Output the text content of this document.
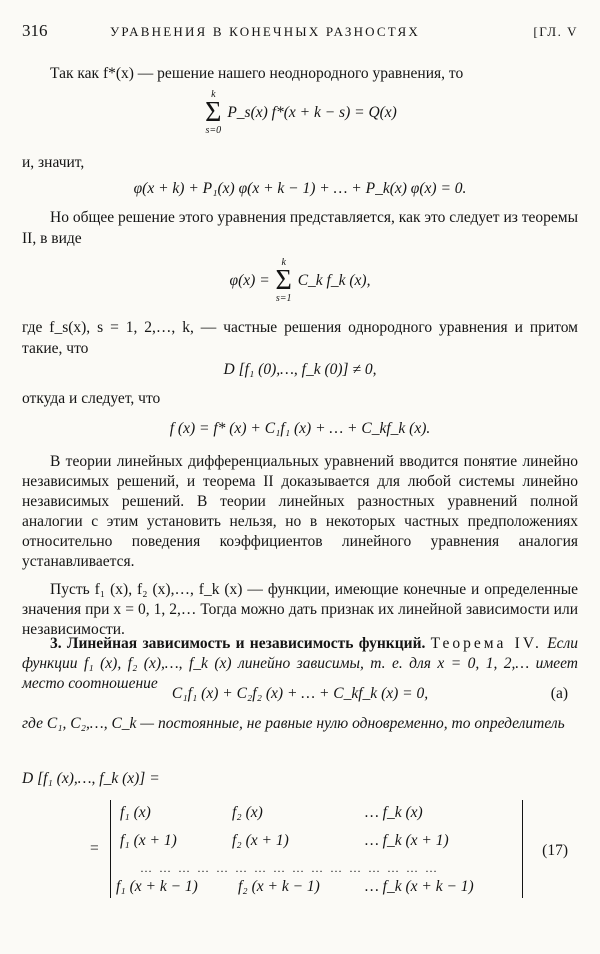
316	УРАВНЕНИЯ В КОНЕЧНЫХ РАЗНОСТЯХ	[ГЛ. V
Так как f*(x) — решение нашего неоднородного уравнения, то
k
Σ
s=0
P_s(x) f*(x + k − s) = Q(x)
и, значит,
φ(x + k) + P₁(x) φ(x + k − 1) + … + P_k(x) φ(x) = 0.
Но общее решение этого уравнения представляется, как это следует из теоремы II, в виде
φ(x) =
k
Σ
s=1
C_k f_k (x),
где f_s(x), s = 1, 2,…, k, — частные решения однородного уравнения и притом такие, что
D [f₁ (0),…, f_k (0)] ≠ 0,
откуда и следует, что
f (x) = f* (x) + C₁f₁ (x) + … + C_kf_k (x).
В теории линейных дифференциальных уравнений вводится понятие линейно независимых решений, и теорема II доказывается для любой системы линейно независимых решений. В теории линейных разностных уравнений полной аналогии с этим установить нельзя, но в некоторых частных предположениях относительно поведения коэффициентов линейного уравнения аналогия устанавливается.
Пусть f₁ (x), f₂ (x),…, f_k (x) — функции, имеющие конечные и определенные значения при x = 0, 1, 2,… Тогда можно дать признак их линейной зависимости или независимости.
3. Линейная зависимость и независимость функций. Теорема IV. Если функции f₁ (x), f₂ (x),…, f_k (x) линейно зависимы, т. е. для x = 0, 1, 2,… имеет место соотношение
C₁f₁ (x) + C₂f₂ (x) + … + C_kf_k (x) = 0,	(a)
где C₁, C₂,…, C_k — постоянные, не равные нулю одновременно, то определитель
D [f₁ (x),…, f_k (x)] =
=
f₁ (x)	f₂ (x)	… f_k (x)
f₁ (x + 1)	f₂ (x + 1)	… f_k (x + 1)
…………………………………………
f₁ (x + k − 1)	f₂ (x + k − 1)	… f_k (x + k − 1)
(17)
